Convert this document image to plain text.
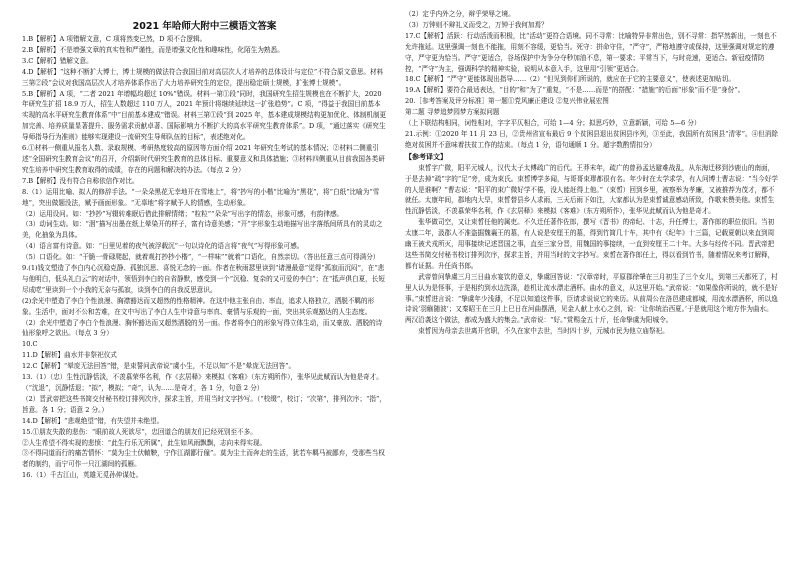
2021 年哈师大附中三模语文答案

1.B【解析】A 项错解文意，C 项将然变已然，D 项不合逻辑。

2.B【解析】不是增强文章的真实性和严谨性，而是增强文化性和趣味性，化陌生为熟悉。

3.C【解析】错解文意。

4.D【解析】“这种不断扩大博士，博士规模的做法符合我国目前对高层次人才培养的总体设计与定位”不符合原文意思。材料三第②段“会议对我国高层次人才培养体系作出了大力培养研究生的定位，提出稳定硕士规模，扩张博士规模”。

5.B【解析】A 项，“二者 2021 年增幅均超过 10%”错误。材料一第①段“同时，我国研究生招生规模也在不断扩大，2020 年研究生扩招 18.9 万人，招生人数超过 110 万人，2021 年预计将继续延续这一扩张趋势”。C 项，“得益于我国目前基本实现的高水平研究生教育体系”中“目前基本建成”错误。材料三第①段“到 2025 年，基本建成规模结构更加优化、体制机制更加完善、培养质量显著提升、服务需求贡献卓著、国际影响力不断扩大的高水平研究生教育体系”。D 项，“通过落实《研究生导师指导行为准则》能够实现建设一流研究生导师队伍的目标”，表述绝对化。

6.①材料一侧重从报名人数、录取规模、考研热度较高的原因等方面介绍 2021 年研究生考试的基本情况；②材料二侧重引述“全国研究生教育会议”的召开，介绍新时代研究生教育的总体目标、重要意义和具体措施；③材料四侧重从目前我国各类研究生培养中研究生教育取得的成绩，存在的问题和解决的办法。（每点 2 分）

7.B【解析】没有符合自称依信作对比。

8.（1）运用比喻、拟人的修辞手法。“一朵朵黑花无幸地开在雪地上”，将“抄写的小楷”比喻为“黑花”，将“白纸”比喻为“雪地”，突出做题没法，赋予画面形象。“无辜地”将字赋予人的情感，生动形象。

（2）运用设问。如：“抄抄”写辍转难眠后借此排解情绪；“粒粒”“朵朵”写出字的情态，形象可感，有韵律感。

（3）动词生动。如：“洇”描写出墨在纸上晕染开的样子，富有诗意美感；“开”字形象生动地描写出字落纸间所具有的灵动之美，化抽象为具体。

（4）语言富有诗意。如：“日里见着的夜气被浮载沉”一句以诗化的语言将“夜气”写得形象可感。

（5）口语化。如：“干脆一骨碌爬起，就着观打抄抄小楷”，“一样味”“就着”口语化，自然亲切。（答出任意三点可得满分）

9.(1)钱文塑造了李白内心沉稳克静、孤独沉思、喜悦无念的一面。作者在秋雨瑟里读到“诸漫最意”觉得“孤寂而沉闷”，在“悲与他明白，低头礼白云”的对话中，领悟到李白的自省静默，感受到一个“沉稳、复杂的又可爱的李白”；在“抵声俱白夏，长短尽成呓”里读到一个小我的无奈与孤寂，谈到李白的自我反思意识。

(2)余光中塑造了李白个性浪漫、胸襟豁达而又超然的性格精神。在这中他主张自由、率直，追求人格独立，洒脱不羁的形象。生活中，面对不公和苦难，在文中写出了李白人生中诗意与率真、豪情与乐观的一面，突出其乐观豁达的人生态度。

（2）余光中塑造了李白个性浪漫、胸怀豁达而又超然洒脱的另一面。作者将李白的形象写得立体生动，而又豪放、洒脱的诗仙形象呼之欲出。（每点 3 分）

10.C

11.D【解析】曲水并非祭祀仪式

12.C【解析】“晕庞无法回答”错，是束誓问武帝说“虞小生，不足以知”不是“晕庞无法回答”。

13.（1）（忠）生性沉静恬淡，不羡慕荣华名利，作《玄居释》来模拟《客难》（东方朔所作），张华见此赋而认为他是奇才。（“沈退”，沉静恬退；“拟”，模拟；“奇”，认为……是奇才，各 1 分，句意 2 分）

（2）晋武帝把这些书简交付秘书校订排列次序，探求主旨，并用当时文字抄写。（“校缀”，校订；“次第”，排列次序；“指”，旨意。各 1 分；语意 2 分。）

14.D【解析】“悲观绝望”错，有失望并未绝望。

15.①朋友失散的悲伤：“眼前故人死欲尽”，忠回道合的朋友们已经死别至不多。

②人生希望不得实现的悲愤：“此生行乐无所属”，此生如风雨飘飘，志向未得实现。

③不得同道而行的痛苦情怀：“莫为尘土伏轅鞅，宁作江湖鄙行僮”。莫为尘土而奔走的生活，犹若车羁马被鄙弃，受那些当权者的制约，而宁可作一只江湖间的孤雁。

16.（1）千古江山，英雄无觅孙仲谋处。

（2）定乎内外之分，辩乎荣辱之境。

（3）万钟则不辩礼义而受之，万钟于我何加焉？

17.C【解析】活跃：行动活泼而积极，比“活动”更符合语境。同不寻常：比喻特异非常出色，别不寻常：指罕然新出，一刻也不允许拖延。这里强调一刻也不能拖，用刻不容缓，更恰当。死守：拼命守住，“严守”，严格地遵守或保持，这里强调对规定的遵守，严守更为恰当。严守“更适合，谷场保护中为争分夺秒加油不息，第一要求；平常当下，与时竞速，更适合。新冠疫情防控，“严守”为主，强调科学的精神实验，说明从本意入手，这里用“引领”更适合。

18.C【解析】“严守”更能体现出指导……（2）“但见到你们所说的，就应在于它的主要意义”，使表述更加贴切。

19.A【解析】要符合最适表达，“目的”和“为了”重复，“不是……而是”的搭配：“措施”的后面“形象”而不是“身份”。

20.［参考答案及评分标准］第一题①党风廉正建设 ②复兴伟业展宏图

第二题 寻梦追梦园梦方案拟问题

（上下联结构相同，词性相对，字字平仄相合，可给 1—4 分；拟思巧妙，立意新颖，可给 5—6 分）

21.示例：①2020 年 11 月 23 日，②贵州省宣布最后 9 个贫困县退出贫困县序列，③至此，我国所有贫困县“清零”。④但消除绝对贫困并不意味着扶贫工作的结束。（每点 1 分，语句通顺 1 分。超字数酌情扣分）

【参考译文】

束皙字广微，阳平元城人，汉代太子太傅疏广的后代。王莽末年，疏广的曾孙孟达避难战乱，从东海迁移到沙鹿山的南面，于是去掉“疏”字的“足”旁，成为束氏。束皙博学多闻，与哥哥束璆都很有名。年少时在太学求学，有人问博士曹志说：“当今好学的人是谁啊？”曹志说：“阳平的束广微好学不倦，没人能赶得上他。”（束皙）回到乡里，被察举为孝廉，又被推荐为茂才，都不就任。太康年间，郡地内大旱，束皙替县乡人求雨，三天后雨下如注，大家都认为是束皙诚意感动所致，作歌来赞美他。束皙生性沉静恬淡，不羡慕荣华名利，作《玄居释》来模拟《客难》（东方朔所作），张华见此赋而认为他是奇才。

张华做司空，又让束皙任他的属吏。不久迁任著作佐郎，撰写《晋书》的帝纪、十志，升任博士，著作郎的职位依旧。当初太康二年，汲郡人不准盗掘魏襄王的墓，有人说是安厘王的墓，得到竹简几十车，其中有《纪年》十三篇，记载夏朝以来直到周幽王被犬戎所灭，用事接续记述晋国之事，直至三家分晋，用魏国的事接续，一直到安厘王二十年。大多与经传不同。晋武帝把这些书简交付秘书校订排列次序，探求主旨，并用当时的文字抄写。束皙在著作郎任上，得以看到竹书，随着情况来考订解释，都有证据。升任尚书郎。

武帝曾问挚虞三月三日曲水宴饮的意义，挚虞回答说：“汉章帝时，平原郡徐肇在三月初生了三个女儿，到第三天都死了，村里人认为是怪事，于是相约到水边洗涤，趁机让流水漂走酒杯。曲水的意义，从这里开始。”武帝说：“如果像你所说的，就不是好事。”束皙进言说：“挚虞年少浅薄，不足以知道这件事，臣请求说说它的来历。从前周公在洛邑建成都城，用流水漂酒杯，所以逸诗说‘羽觞随波’；又秦昭王在三月上巳日在河曲摆酒，见金人献上水心之剑，说：‘让你统治西夏。’于是就用这个地方作为曲水。两汉沿袭这个做法，都成为盛大的集会。”武帝说：“好。”赏赐金五十斤，任命挚虞为阳城令。

束皙因为母亲去世离开官职，不久在家中去世，当时四十岁，元城市民为他立庙祭祀。
